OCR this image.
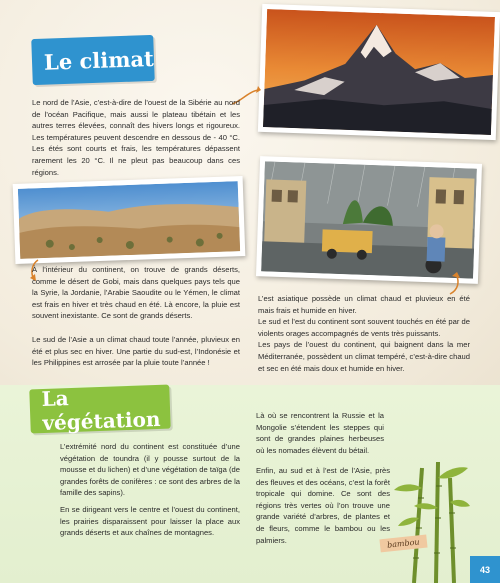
Le climat

Le nord de l’Asie, c’est-à-dire de l’ouest de la Sibérie au nord de l’océan Pacifique, mais aussi le plateau tibétain et les autres terres élevées, connaît des hivers longs et rigoureux. Les températures peuvent descendre en dessous de - 40 °C. Les étés sont courts et frais, les températures dépassent rarement les 20 °C. Il ne pleut pas beaucoup dans ces régions.

À l’intérieur du continent, on trouve de grands déserts, comme le désert de Gobi, mais dans quelques pays tels que la Syrie, la Jordanie, l’Arabie Saoudite ou le Yémen, le climat est frais en hiver et très chaud en été. Là encore, la pluie est souvent inexistante. Ce sont de grands déserts.

Le sud de l’Asie a un climat chaud toute l’année, pluvieux en été et plus sec en hiver. Une partie du sud-est, l’Indonésie et les Philippines est arrosée par la pluie toute l’année !

L’est asiatique possède un climat chaud et pluvieux en été mais frais et humide en hiver.
Le sud et l’est du continent sont souvent touchés en été par de violents orages accompagnés de vents très puissants.
Les pays de l’ouest du continent, qui baignent dans la mer Méditerranée, possèdent un climat tempéré, c’est-à-dire chaud et sec en été mais doux et humide en hiver.

La végétation

L’extrémité nord du continent est constituée d’une végétation de toundra (il y pousse surtout de la mousse et du lichen) et d’une végétation de taïga (de grandes forêts de conifères : ce sont des arbres de la famille des sapins).

En se dirigeant vers le centre et l’ouest du continent, les prairies disparaissent pour laisser la place aux grands déserts et aux chaînes de montagnes.

Là où se rencontrent la Russie et la Mongolie s’étendent les steppes qui sont de grandes plaines herbeuses où les nomades élèvent du bétail.

Enfin, au sud et à l’est de l’Asie, près des fleuves et des océans, c’est la forêt tropicale qui domine. Ce sont des régions très vertes où l’on trouve une grande variété d’arbres, de plantes et de fleurs, comme le bambou ou les palmiers.	bambou
43
